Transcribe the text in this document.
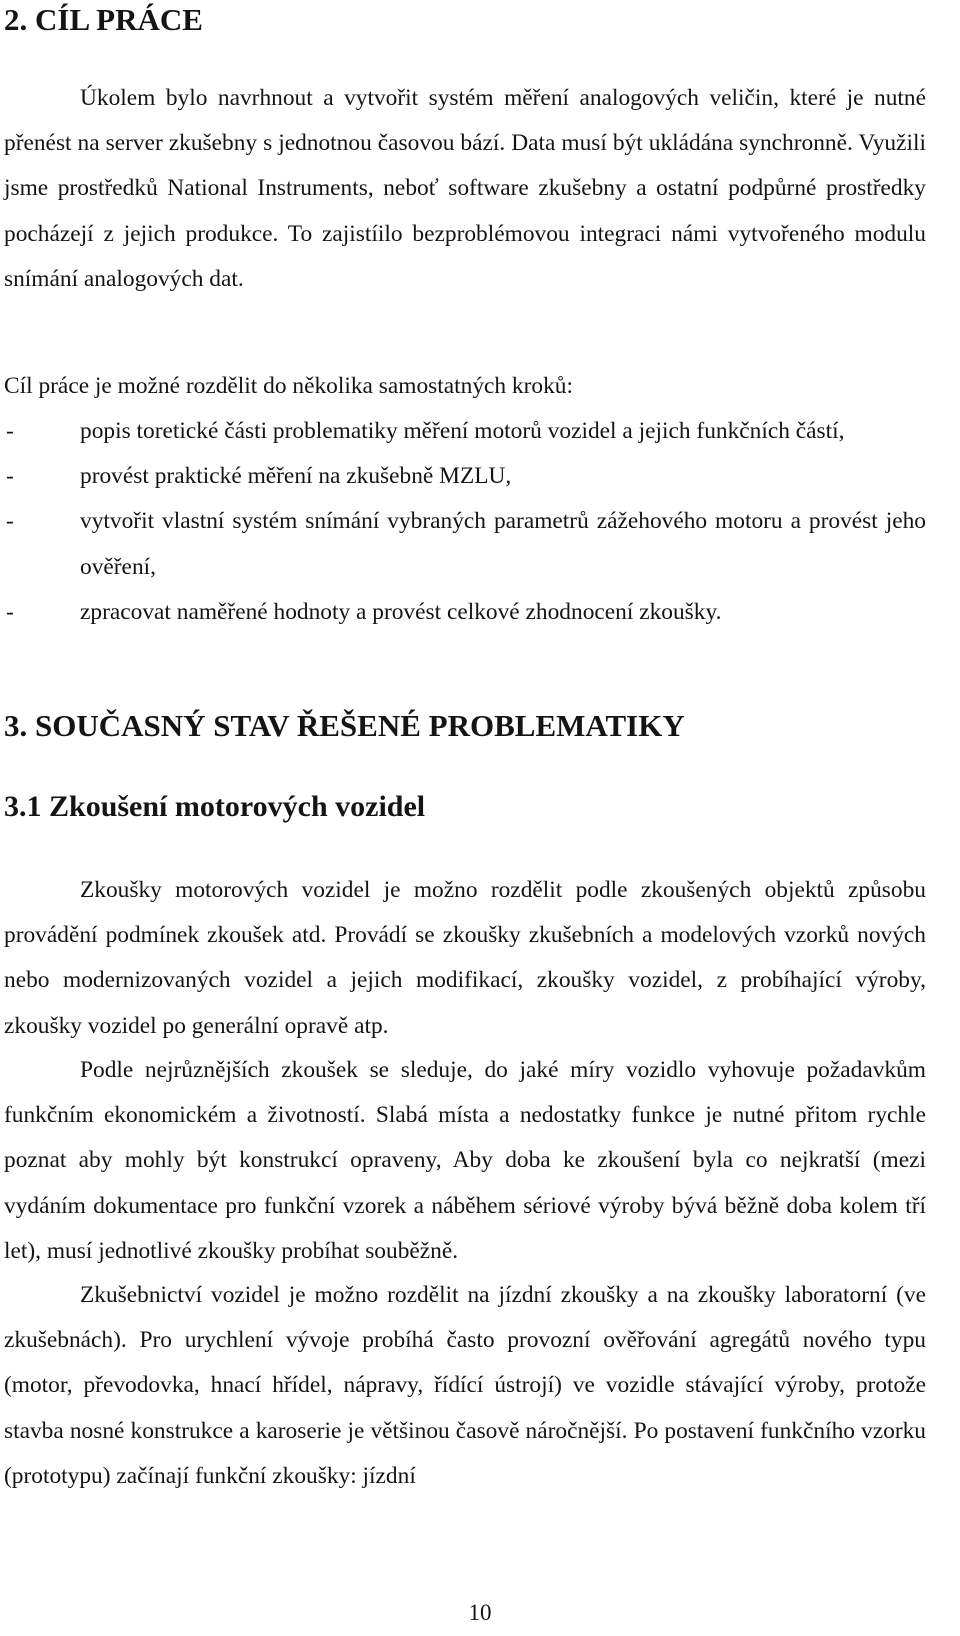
2. CÍL PRÁCE

Úkolem bylo navrhnout a vytvořit systém měření analogových veličin, které je nutné přenést na server zkušebny s jednotnou časovou bází. Data musí být ukládána synchronně. Využili jsme prostředků National Instruments, neboť software zkušebny a ostatní podpůrné prostředky pocházejí z jejich produkce. To zajistíilo bezproblémovou integraci námi vytvořeného modulu snímání analogových dat.

Cíl práce je možné rozdělit do několika samostatných kroků:

- popis toretické části problematiky měření motorů vozidel a jejich funkčních částí,
- provést praktické měření na zkušebně MZLU,
- vytvořit vlastní systém snímání vybraných parametrů zážehového motoru a provést jeho ověření,
- zpracovat naměřené hodnoty a provést celkové zhodnocení zkoušky.
3. SOUČASNÝ STAV ŘEŠENÉ PROBLEMATIKY
3.1 Zkoušení motorových vozidel

Zkoušky motorových vozidel je možno rozdělit podle zkoušených objektů způsobu provádění podmínek zkoušek atd. Provádí se zkoušky zkušebních a modelových vzorků nových nebo modernizovaných vozidel a jejich modifikací, zkoušky vozidel, z probíhající výroby, zkoušky vozidel po generální opravě atp.

Podle nejrůznějších zkoušek se sleduje, do jaké míry vozidlo vyhovuje požadavkům funkčním ekonomickém a životností. Slabá místa a nedostatky funkce je nutné přitom rychle poznat aby mohly být konstrukcí opraveny, Aby doba ke zkoušení byla co nejkratší (mezi vydáním dokumentace pro funkční vzorek a náběhem sériové výroby bývá běžně doba kolem tří let), musí jednotlivé zkoušky probíhat souběžně.

Zkušebnictví vozidel je možno rozdělit na jízdní zkoušky a na zkoušky laboratorní (ve zkušebnách). Pro urychlení vývoje probíhá často provozní ověřování agregátů nového typu (motor, převodovka, hnací hřídel, nápravy, řídící ústrojí) ve vozidle stávající výroby, protože stavba nosné konstrukce a karoserie je většinou časově náročnější. Po postavení funkčního vzorku (prototypu) začínají funkční zkoušky: jízdní

10
